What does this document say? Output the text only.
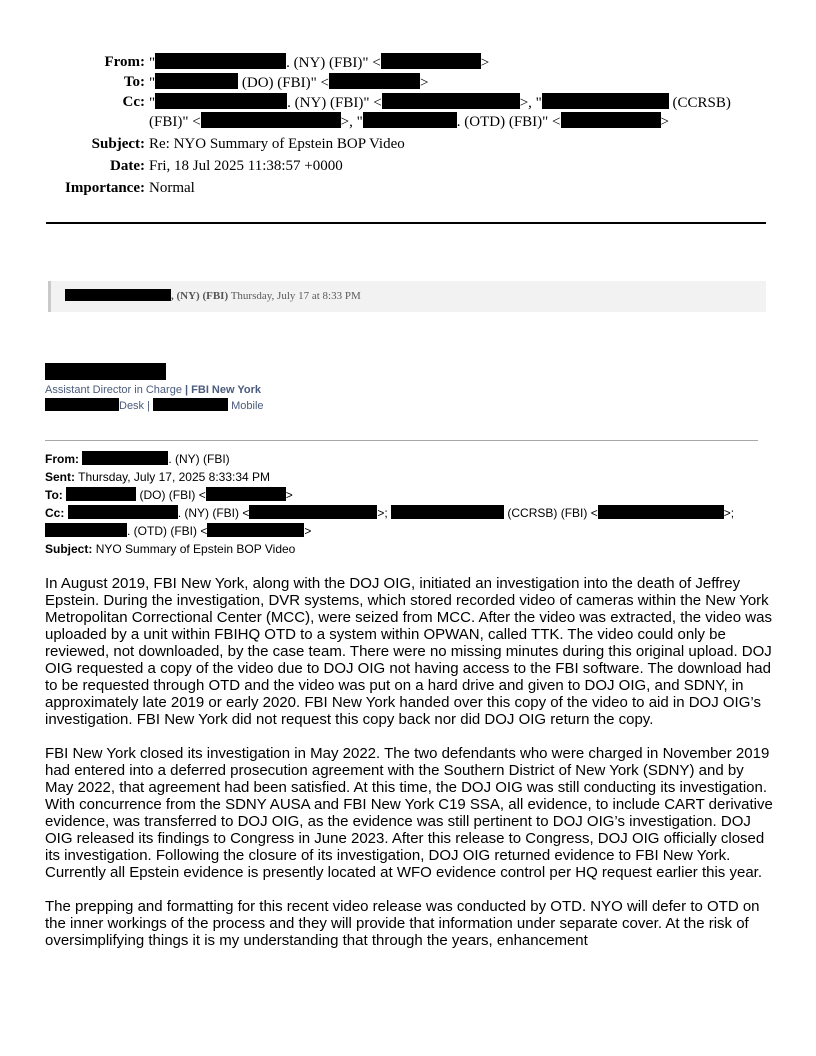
From: "	. (NY) (FBI)" <	>
To: "	(DO) (FBI)" <	>
Cc: "	. (NY) (FBI)" <	>, "	(CCRSB)
(FBI)" <	>, "	. (OTD) (FBI)" <	>
Subject: Re: NYO Summary of Epstein BOP Video
Date: Fri, 18 Jul 2025 11:38:57 +0000
Importance: Normal
, (NY) (FBI) Thursday, July 17 at 8:33 PM
Assistant Director in Charge | FBI New York
Desk |	Mobile
From:	. (NY) (FBI)
Sent: Thursday, July 17, 2025 8:33:34 PM
To:	(DO) (FBI) <	>
Cc:	. (NY) (FBI) <	>;	(CCRSB) (FBI) <	>;
. (OTD) (FBI) <	>
Subject: NYO Summary of Epstein BOP Video

In August 2019, FBI New York, along with the DOJ OIG, initiated an investigation into the death of Jeffrey Epstein. During the investigation, DVR systems, which stored recorded video of cameras within the New York Metropolitan Correctional Center (MCC), were seized from MCC. After the video was extracted, the video was uploaded by a unit within FBIHQ OTD to a system within OPWAN, called TTK. The video could only be reviewed, not downloaded, by the case team. There were no missing minutes during this original upload. DOJ OIG requested a copy of the video due to DOJ OIG not having access to the FBI software. The download had to be requested through OTD and the video was put on a hard drive and given to DOJ OIG, and SDNY, in approximately late 2019 or early 2020. FBI New York handed over this copy of the video to aid in DOJ OIG’s investigation. FBI New York did not request this copy back nor did DOJ OIG return the copy.

FBI New York closed its investigation in May 2022. The two defendants who were charged in November 2019 had entered into a deferred prosecution agreement with the Southern District of New York (SDNY) and by May 2022, that agreement had been satisfied. At this time, the DOJ OIG was still conducting its investigation. With concurrence from the SDNY AUSA and FBI New York C19 SSA, all evidence, to include CART derivative evidence, was transferred to DOJ OIG, as the evidence was still pertinent to DOJ OIG’s investigation. DOJ OIG released its findings to Congress in June 2023. After this release to Congress, DOJ OIG officially closed its investigation. Following the closure of its investigation, DOJ OIG returned evidence to FBI New York. Currently all Epstein evidence is presently located at WFO evidence control per HQ request earlier this year.

The prepping and formatting for this recent video release was conducted by OTD. NYO will defer to OTD on the inner workings of the process and they will provide that information under separate cover. At the risk of oversimplifying things it is my understanding that through the years, enhancement
